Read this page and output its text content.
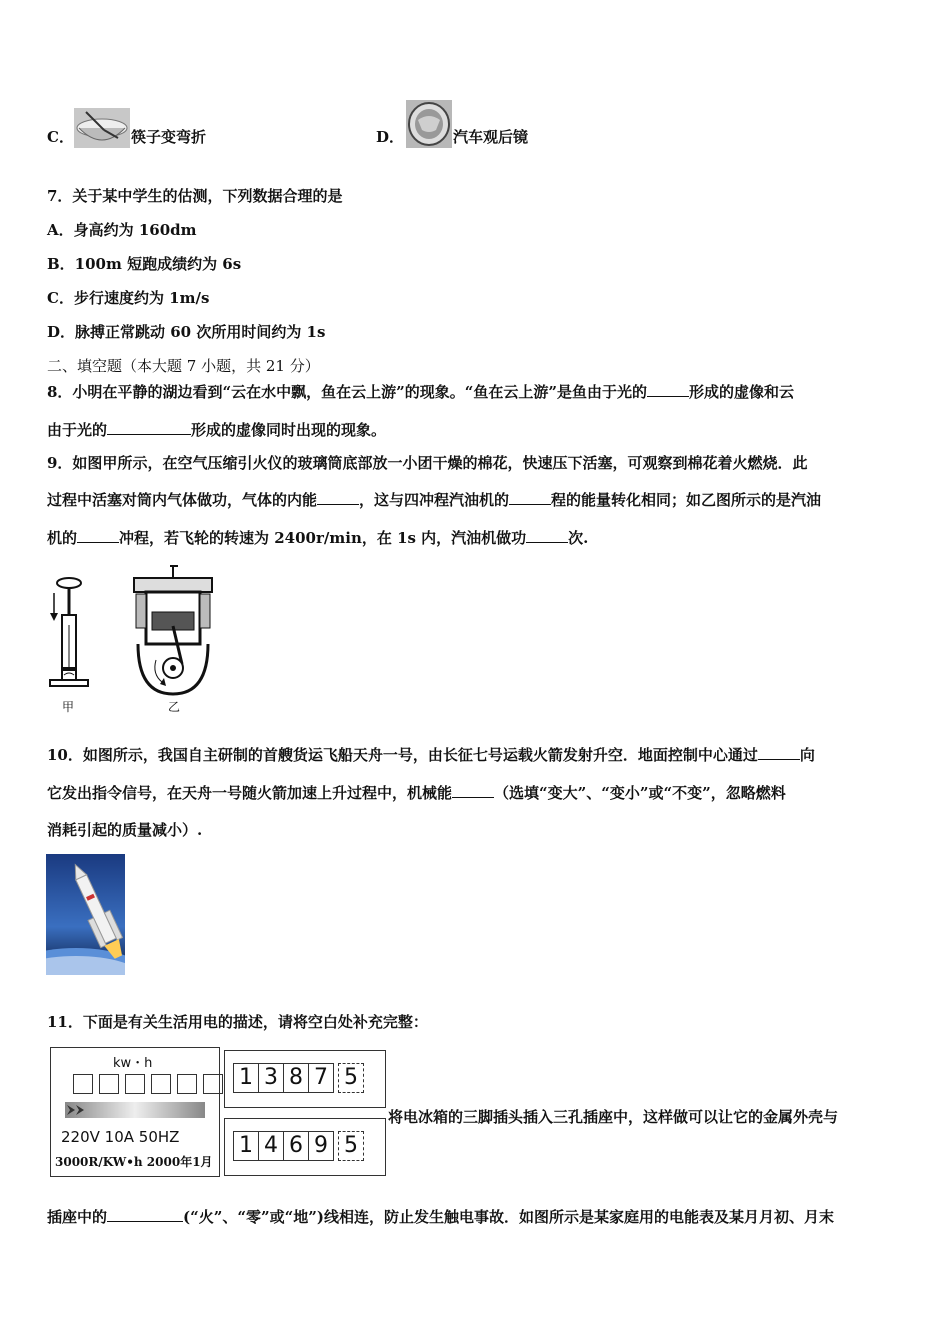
C．	筷子变弯折	D．	汽车观后镜
7．关于某中学生的估测，下列数据合理的是
A．身高约为 160dm
B．100m 短跑成绩约为 6s
C．步行速度约为 1m/s
D．脉搏正常跳动 60 次所用时间约为 1s
二、填空题（本大题 7 小题，共 21 分）
8．小明在平静的湖边看到“云在水中飘，鱼在云上游”的现象。“鱼在云上游”是鱼由于光的	形成的虚像和云
由于光的	形成的虚像同时出现的现象。
9．如图甲所示，在空气压缩引火仪的玻璃筒底部放一小团干燥的棉花，快速压下活塞，可观察到棉花着火燃烧．此
过程中活塞对筒内气体做功，气体的内能	，这与四冲程汽油机的	程的能量转化相同；如乙图所示的是汽油
机的	冲程，若飞轮的转速为 2400r/min，在 1s 内，汽油机做功	次.
甲	乙
10．如图所示，我国自主研制的首艘货运飞船天舟一号，由长征七号运载火箭发射升空．地面控制中心通过	向
它发出指令信号，在天舟一号随火箭加速上升过程中，机械能	（选填“变大”、“变小”或“不变”，忽略燃料
消耗引起的质量减小）.
11．下面是有关生活用电的描述，请将空白处补充完整：
kw・h
220V 10A 50HZ
3000R/KW•h 2000年1月
1 3 8 7 5
1 4 6 9 5
将电冰箱的三脚插头插入三孔插座中，这样做可以让它的金属外壳与
插座中的	(“火”、“零”或“地”)线相连，防止发生触电事故．如图所示是某家庭用的电能表及某月月初、月末
